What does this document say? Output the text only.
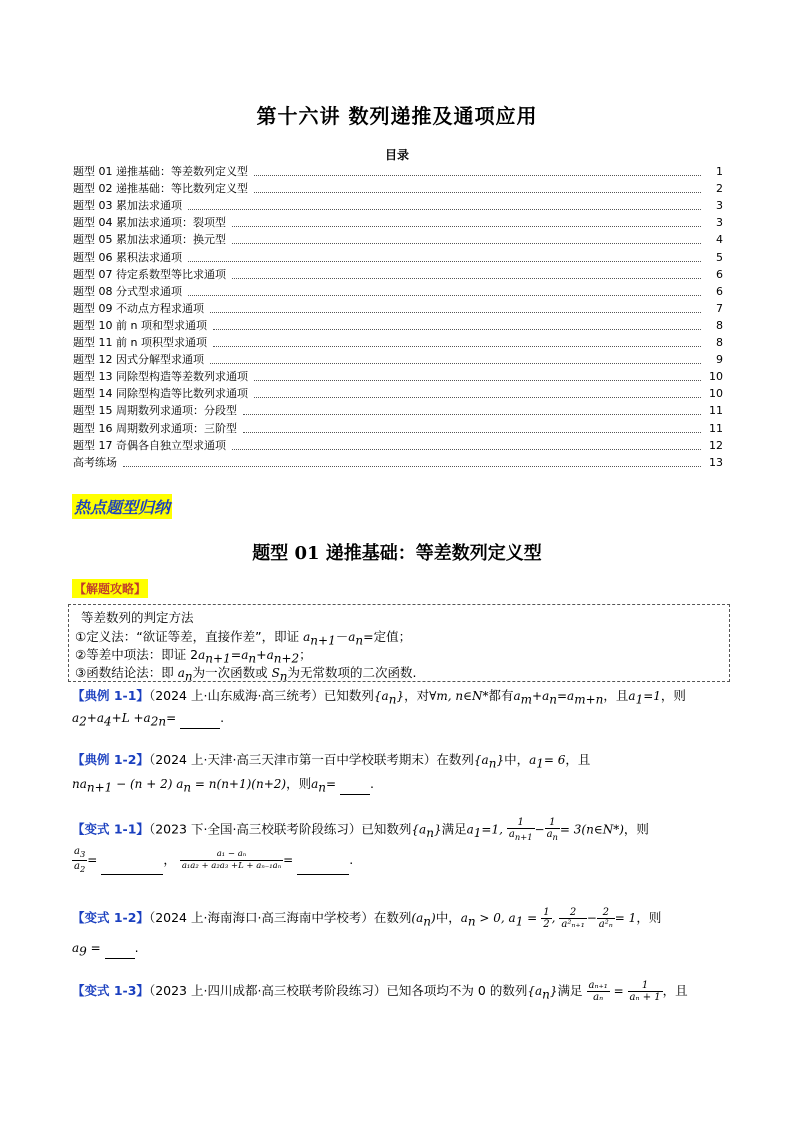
第十六讲 数列递推及通项应用
目录
题型 01 递推基础：等差数列定义型	1
题型 02 递推基础：等比数列定义型	2
题型 03 累加法求通项	3
题型 04 累加法求通项：裂项型	3
题型 05 累加法求通项：换元型	4
题型 06 累积法求通项	5
题型 07 待定系数型等比求通项	6
题型 08 分式型求通项	6
题型 09 不动点方程求通项	7
题型 10 前 n 项和型求通项	8
题型 11 前 n 项积型求通项	8
题型 12 因式分解型求通项	9
题型 13 同除型构造等差数列求通项	10
题型 14 同除型构造等比数列求通项	10
题型 15 周期数列求通项：分段型	11
题型 16 周期数列求通项：三阶型	11
题型 17 奇偶各自独立型求通项	12
高考练场	13
热点题型归纳
题型 01 递推基础：等差数列定义型
【解题攻略】
等差数列的判定方法
①定义法：“欲证等差，直接作差”，即证 $a_{n+1}-a_n=$定值；
②等差中项法：即证 $2a_{n+1}=a_n+a_{n+2}$；
③函数结论法：即 $a_n$为一次函数或 $S_n$为无常数项的二次函数.
【典例 1-1】（2024 上·山东威海·高三统考）已知数列$\{a_n\}$，对∀m, n∈N*都有$a_m+a_n=a_{m+n}$，且$a_1=1$，则
$a_2+a_4+L +a_{2n}=$	.
【典例 1-2】（2024 上·天津·高三天津市第一百中学校联考期末）在数列$\{a_n\}$中，$a_1= 6$，且
$na_{n+1} - (n + 2) a_n = n(n+1)(n+2)$，则$a_n=$	.
【变式 1-1】（2023 下·全国·高三校联考阶段练习）已知数列$\{a_n\}$满足$a_1=1$, $\frac{1}{a_{n+1}} - \frac{1}{a_n}$ = 3(n∈N*)，则
$\frac{a_3}{a_2}$ =	， $\frac{\text{a₁ − aₙ}}{\text{a₁a₂ + a₂a₃ +L + aₙ₋₁aₙ}}$ =	.
【变式 1-2】（2024 上·海南海口·高三海南中学校考）在数列$(a_n)$中，$a_n > 0$, $a_1 = \frac{1}{2}$ , $\frac{2}{\text{a²ₙ₊₁}} - \frac{2}{\text{a²ₙ}} = 1$，则
$a_9$ =	.
【变式 1-3】（2023 上·四川成都·高三校联考阶段练习）已知各项均不为 0 的数列$\{a_n\}$满足 $\frac{\text{aₙ₊₁}}{\text{aₙ}} = \frac{1}{\text{aₙ + 1}}$ ，且
